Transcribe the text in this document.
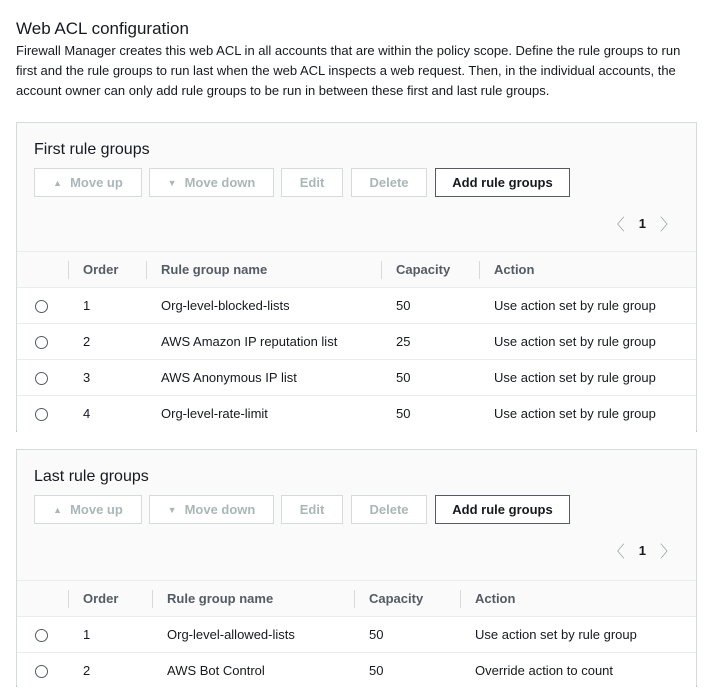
Web ACL configuration

Firewall Manager creates this web ACL in all accounts that are within the policy scope. Define the rule groups to run first and the rule groups to run last when the web ACL inspects a web request. Then, in the individual accounts, the account owner can only add rule groups to be run in between these first and last rule groups.

First rule groups
▲ Move up	▼ Move down	Edit	Delete	Add rule groups
〈 1 〉
	Order	Rule group name	Capacity	Action
	1	Org-level-blocked-lists	50	Use action set by rule group
	2	AWS Amazon IP reputation list	25	Use action set by rule group
	3	AWS Anonymous IP list	50	Use action set by rule group
	4	Org-level-rate-limit	50	Use action set by rule group
Last rule groups
▲ Move up	▼ Move down	Edit	Delete	Add rule groups
〈 1 〉
	Order	Rule group name	Capacity	Action
	1	Org-level-allowed-lists	50	Use action set by rule group
	2	AWS Bot Control	50	Override action to count
